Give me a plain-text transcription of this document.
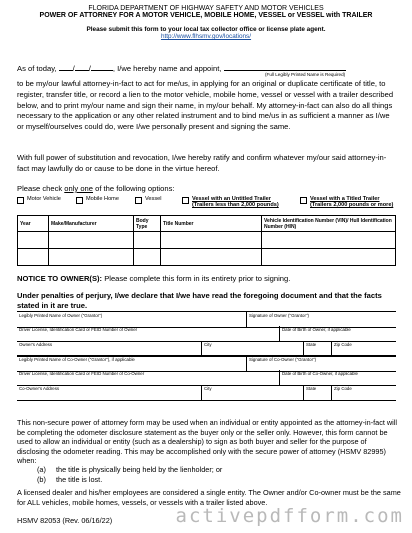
FLORIDA DEPARTMENT OF HIGHWAY SAFETY AND MOTOR VEHICLES
POWER OF ATTORNEY FOR A MOTOR VEHICLE, MOBILE HOME, VESSEL or VESSEL with TRAILER
Please submit this form to your local tax collector office or license plate agent.
http://www.flhsmv.gov/locations/
As of today, / /	, I/we hereby name and appoint,
(Full Legibly Printed Name is Required)
to be my/our lawful attorney-in-fact to act for me/us, in applying for an original or duplicate certificate of title, to register, transfer title, or record a lien to the motor vehicle, mobile home, vessel or vessel with a trailer described below, and to print my/our name and sign their name, in my/our behalf. My attorney-in-fact can also do all things necessary to the application or any other related instrument and to bind me/us in as sufficient a manner as I/we or myself/ourselves could do, were I/we personally present and signing the same.
With full power of substitution and revocation, I/we hereby ratify and confirm whatever my/our said attorney-in-fact may lawfully do or cause to be done in the virtue hereof.
Please check only one of the following options:
Motor Vehicle	Mobile Home	Vessel	Vessel with an Untitled Trailer
(Trailers less than 2,000 pounds)
Vessel with a Titled Trailer
(Trailers 2,000 pounds or more)
Year	Make/Manufacturer	Body Type	Title Number	Vehicle Identification Number (VIN)/ Hull Identification Number (HIN)

NOTICE TO OWNER(S): Please complete this form in its entirety prior to signing.
Under penalties of perjury, I/we declare that I/we have read the foregoing document and that the facts stated in it are true.
Legibly Printed Name of Owner ("Grantor")	Signature of Owner ("Grantor")
Driver License, Identification Card or FEID Number of Owner	Date of Birth of Owner, if applicable
Owner's Address	City	State	Zip Code
Legibly Printed Name of Co-Owner ("Grantor"), if applicable	Signature of Co-Owner ("Grantor")
Driver License, Identification Card or FEID Number of Co-Owner	Date of Birth of Co-Owner, if applicable
Co-Owner's Address	City	State	Zip Code
This non-secure power of attorney form may be used when an individual or entity appointed as the attorney-in-fact will be completing the odometer disclosure statement as the buyer only or the seller only. However, this form cannot be used to allow an individual or entity (such as a dealership) to sign as both buyer and seller for the purpose of disclosing the odometer reading. This may be accomplished only with the secure power of attorney (HSMV 82995) when:
(a) the title is physically being held by the lienholder; or
(b) the title is lost.
A licensed dealer and his/her employees are considered a single entity. The Owner and/or Co-owner must be the same for ALL vehicles, mobile homes, vessels, or vessels with a trailer listed above.
HSMV 82053 (Rev. 06/16/22)	activepdfform.com
